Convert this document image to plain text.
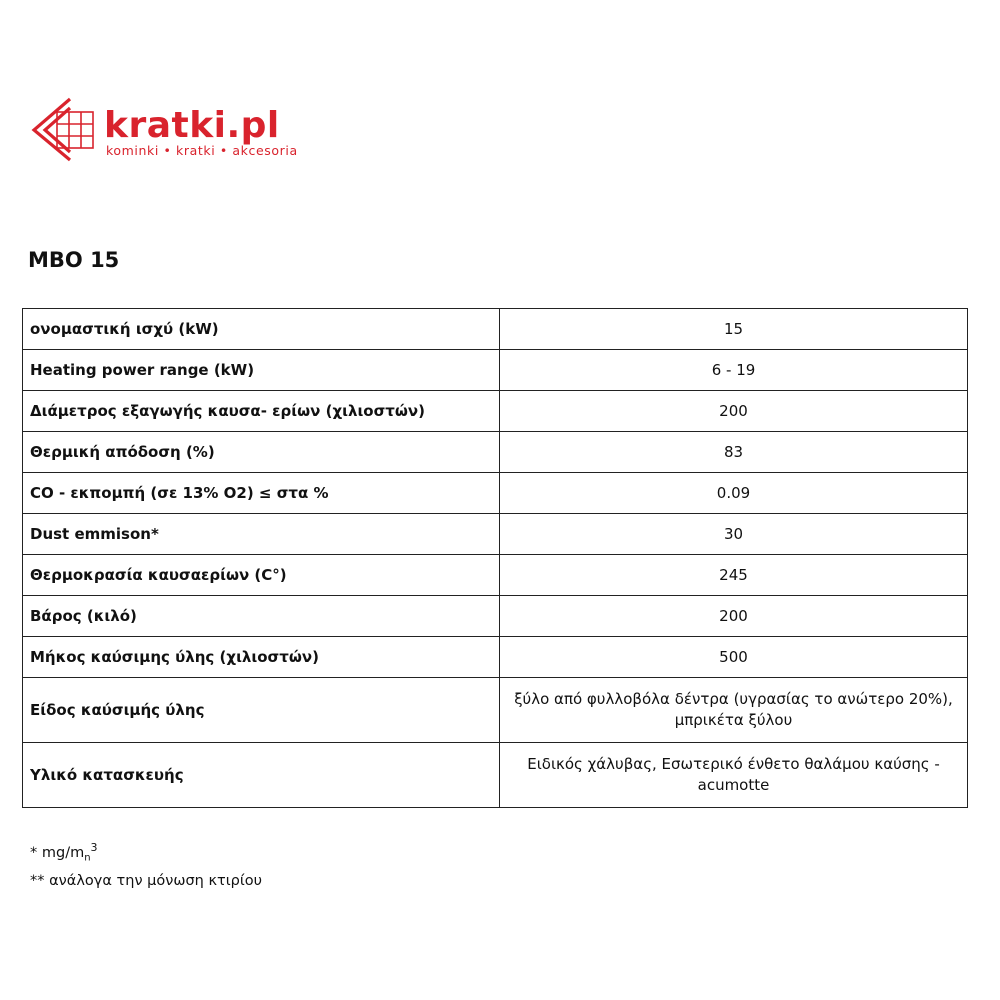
kratki.pl
kominki • kratki • akcesoria
MBO 15
ονομαστική ισχύ (kW)	15
Heating power range (kW)	6 - 19
Διάμετρος εξαγωγής καυσα- ερίων (χιλιοστών)	200
Θερμική απόδοση (%)	83
CO - εκπομπή (σε 13% O2) ≤ στα %	0.09
Dust emmison*	30
Θερμοκρασία καυσαερίων (C°)	245
Βάρος (κιλό)	200
Μήκος καύσιμης ύλης (χιλιοστών)	500
Είδος καύσιμής ύλης	ξύλο από φυλλοβόλα δέντρα (υγρασίας το ανώτερο 20%),
μπρικέτα ξύλου
Υλικό κατασκευής	Ειδικός χάλυβας, Εσωτερικό ένθετο θαλάμου καύσης -
acumotte
* $mg/m_n^3$
** ανάλογα την μόνωση κτιρίου
